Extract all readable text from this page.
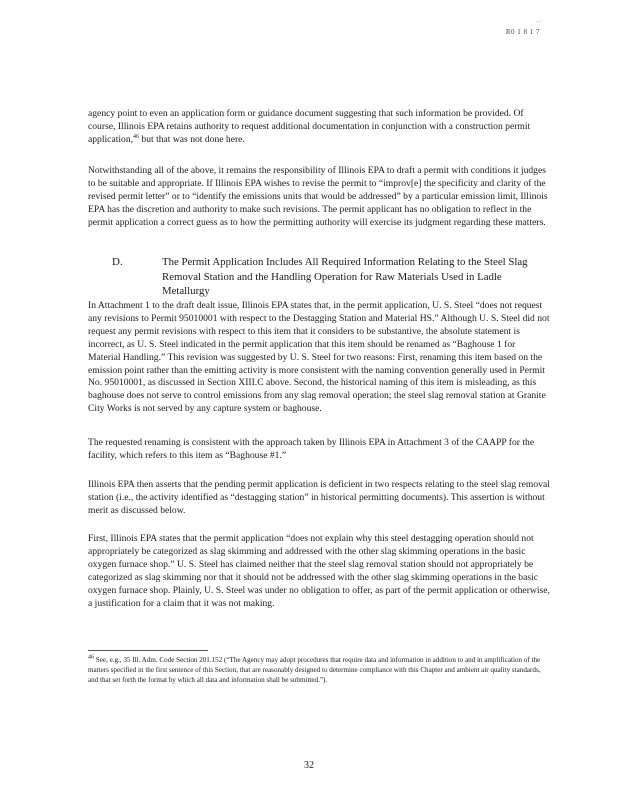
..
R0 1 8 1 7
agency point to even an application form or guidance document suggesting that such information be provided. Of course, Illinois EPA retains authority to request additional documentation in conjunction with a construction permit application,$^{46}$ but that was not done here.
Notwithstanding all of the above, it remains the responsibility of Illinois EPA to draft a permit with conditions it judges to be suitable and appropriate. If Illinois EPA wishes to revise the permit to “improv[e] the specificity and clarity of the revised permit letter” or to “identify the emissions units that would be addressed” by a particular emission limit, Illinois EPA has the discretion and authority to make such revisions. The permit applicant has no obligation to reflect in the permit application a correct guess as to how the permitting authority will exercise its judgment regarding these matters.
D.	The Permit Application Includes All Required Information Relating to the Steel Slag Removal Station and the Handling Operation for Raw Materials Used in Ladle Metallurgy
In Attachment 1 to the draft dealt issue, Illinois EPA states that, in the permit application, U. S. Steel “does not request any revisions to Permit 95010001 with respect to the Destagging Station and Material HS.” Although U. S. Steel did not request any permit revisions with respect to this item that it considers to be substantive, the absolute statement is incorrect, as U. S. Steel indicated in the permit application that this item should be renamed as “Baghouse 1 for Material Handling.” This revision was suggested by U. S. Steel for two reasons: First, renaming this item based on the emission point rather than the emitting activity is more consistent with the naming convention generally used in Permit No. 95010001, as discussed in Section XIII.C above. Second, the historical naming of this item is misleading, as this baghouse does not serve to control emissions from any slag removal operation; the steel slag removal station at Granite City Works is not served by any capture system or baghouse.
The requested renaming is consistent with the approach taken by Illinois EPA in Attachment 3 of the CAAPP for the facility, which refers to this item as “Baghouse #1.”
Illinois EPA then asserts that the pending permit application is deficient in two respects relating to the steel slag removal station (i.e., the activity identified as “destagging station” in historical permitting documents). This assertion is without merit as discussed below.
First, Illinois EPA states that the permit application “does not explain why this steel destagging operation should not appropriately be categorized as slag skimming and addressed with the other slag skimming operations in the basic oxygen furnace shop.” U. S. Steel has claimed neither that the steel slag removal station should not appropriately be categorized as slag skimming nor that it should not be addressed with the other slag skimming operations in the basic oxygen furnace shop. Plainly, U. S. Steel was under no obligation to offer, as part of the permit application or otherwise, a justification for a claim that it was not making.
$^{46}$ See, e.g., 35 Ill. Adm. Code Section 201.152 (“The Agency may adopt procedures that require data and information in addition to and in amplification of the matters specified in the first sentence of this Section, that are reasonably designed to determine compliance with this Chapter and ambient air quality standards, and that set forth the format by which all data and information shall be submitted.”).
32
